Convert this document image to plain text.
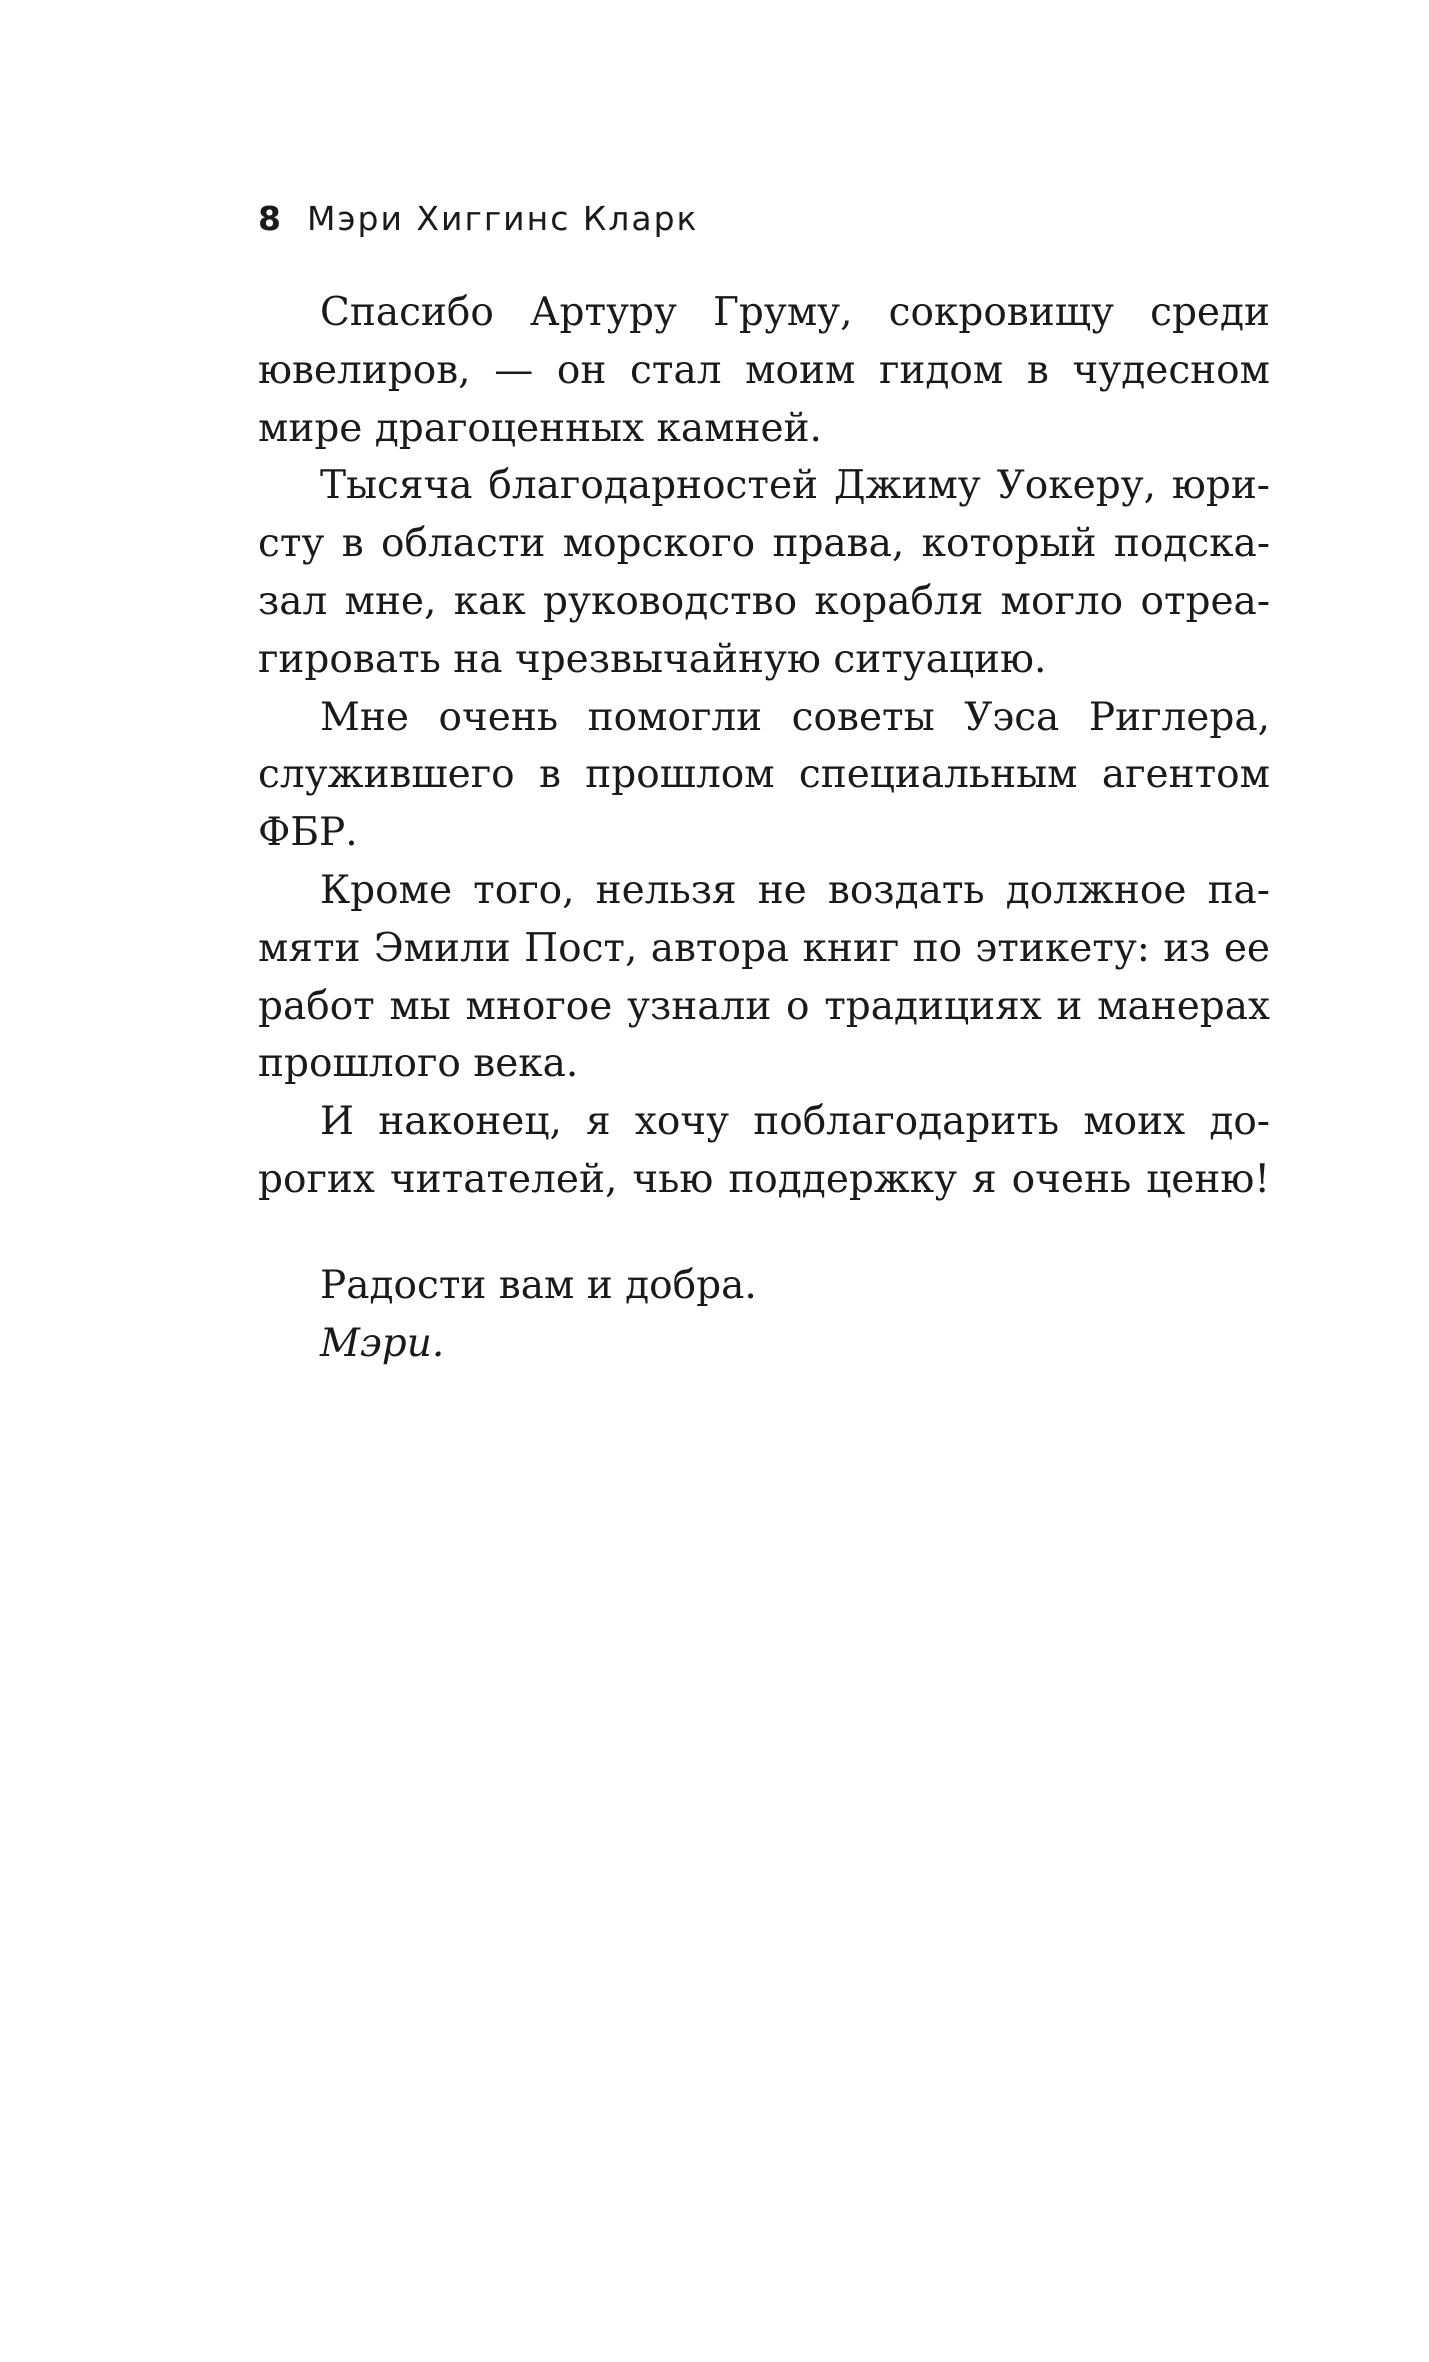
8 Мэри Хиггинс Кларк
Спасибо Артуру Груму, сокровищу среди
ювелиров, — он стал моим гидом в чудесном
мире драгоценных камней.
Тысяча благодарностей Джиму Уокеру, юри-
сту в области морского права, который подска-
зал мне, как руководство корабля могло отреа-
гировать на чрезвычайную ситуацию.
Мне очень помогли советы Уэса Риглера,
служившего в прошлом специальным агентом
ФБР.
Кроме того, нельзя не воздать должное па-
мяти Эмили Пост, автора книг по этикету: из ее
работ мы многое узнали о традициях и манерах
прошлого века.
И наконец, я хочу поблагодарить моих до-
рогих читателей, чью поддержку я очень ценю!
Радости вам и добра.
Мэри.
